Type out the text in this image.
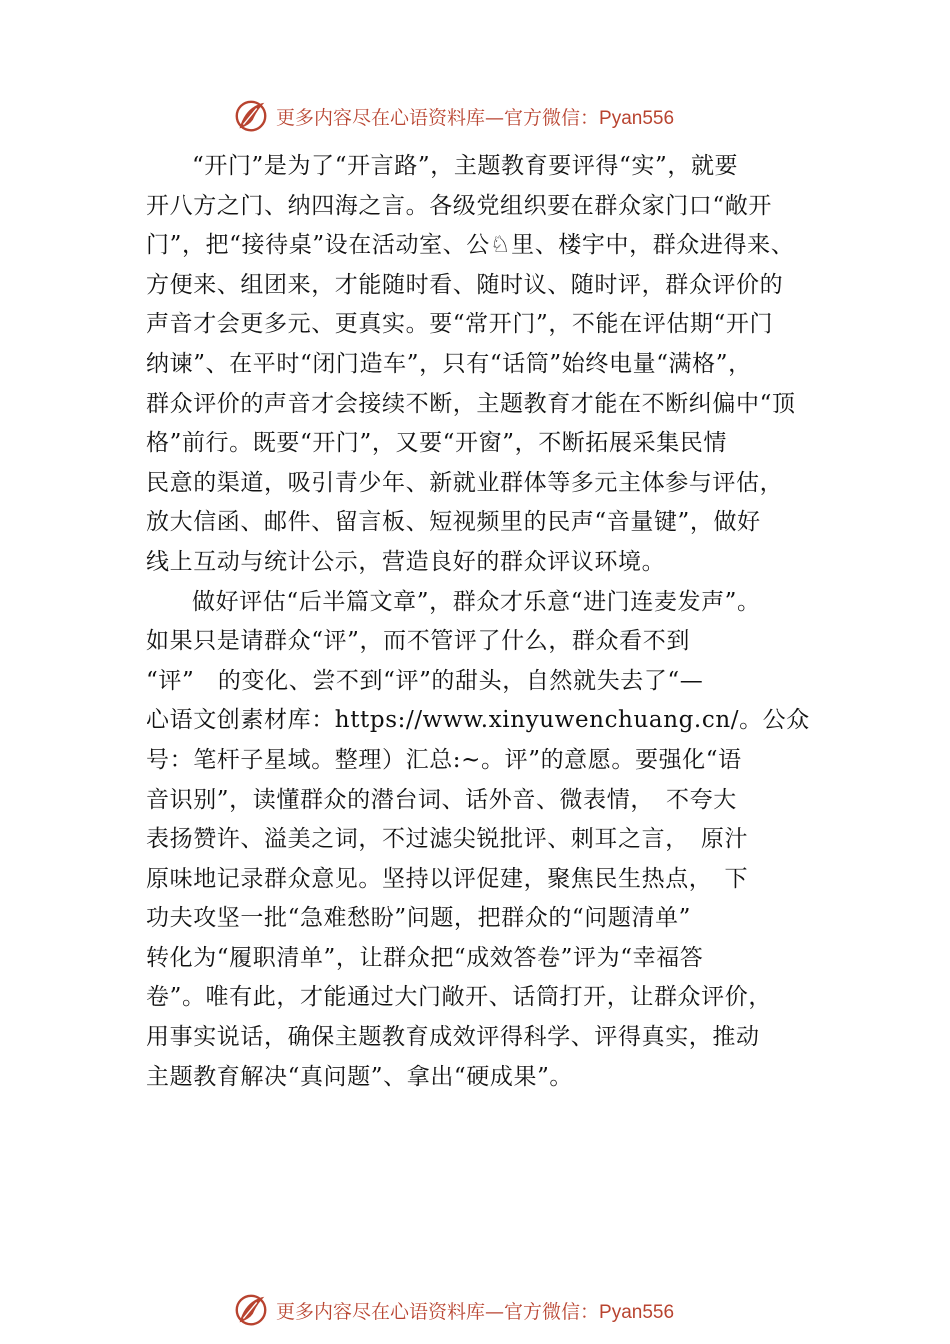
更多内容尽在心语资料库—官方微信：Pyan556
“开门”是为了“开言路”，主题教育要评得“实”，就要
开八方之门、纳四海之言。各级党组织要在群众家门口“敞开
门”，把“接待桌”设在活动室、公♘里、楼宇中，群众进得来、
方便来、组团来，才能随时看、随时议、随时评，群众评价的
声音才会更多元、更真实。要“常开门”，不能在评估期“开门
纳谏”、在平时“闭门造车”，只有“话筒”始终电量“满格”，
群众评价的声音才会接续不断，主题教育才能在不断纠偏中“顶
格”前行。既要“开门”，又要“开窗”，不断拓展采集民情
民意的渠道，吸引青少年、新就业群体等多元主体参与评估，
放大信函、邮件、留言板、短视频里的民声“音量键”，做好
线上互动与统计公示，营造良好的群众评议环境。
做好评估“后半篇文章”，群众才乐意“进门连麦发声”。
如果只是请群众“评”，而不管评了什么，群众看不到
“评”　的变化、尝不到“评”的甜头，自然就失去了“—
心语文创素材库：https://www.xinyuwenchuang.cn/。公众
号：笔杆子星域。整理）汇总:~。评”的意愿。要强化“语
音识别”，读懂群众的潜台词、话外音、微表情，　不夸大
表扬赞许、溢美之词，不过滤尖锐批评、刺耳之言，　原汁
原味地记录群众意见。坚持以评促建，聚焦民生热点，　下
功夫攻坚一批“急难愁盼”问题，把群众的“问题清单”
转化为“履职清单”，让群众把“成效答卷”评为“幸福答
卷”。唯有此，才能通过大门敞开、话筒打开，让群众评价，
用事实说话，确保主题教育成效评得科学、评得真实，推动
主题教育解决“真问题”、拿出“硬成果”。
更多内容尽在心语资料库—官方微信：Pyan556
